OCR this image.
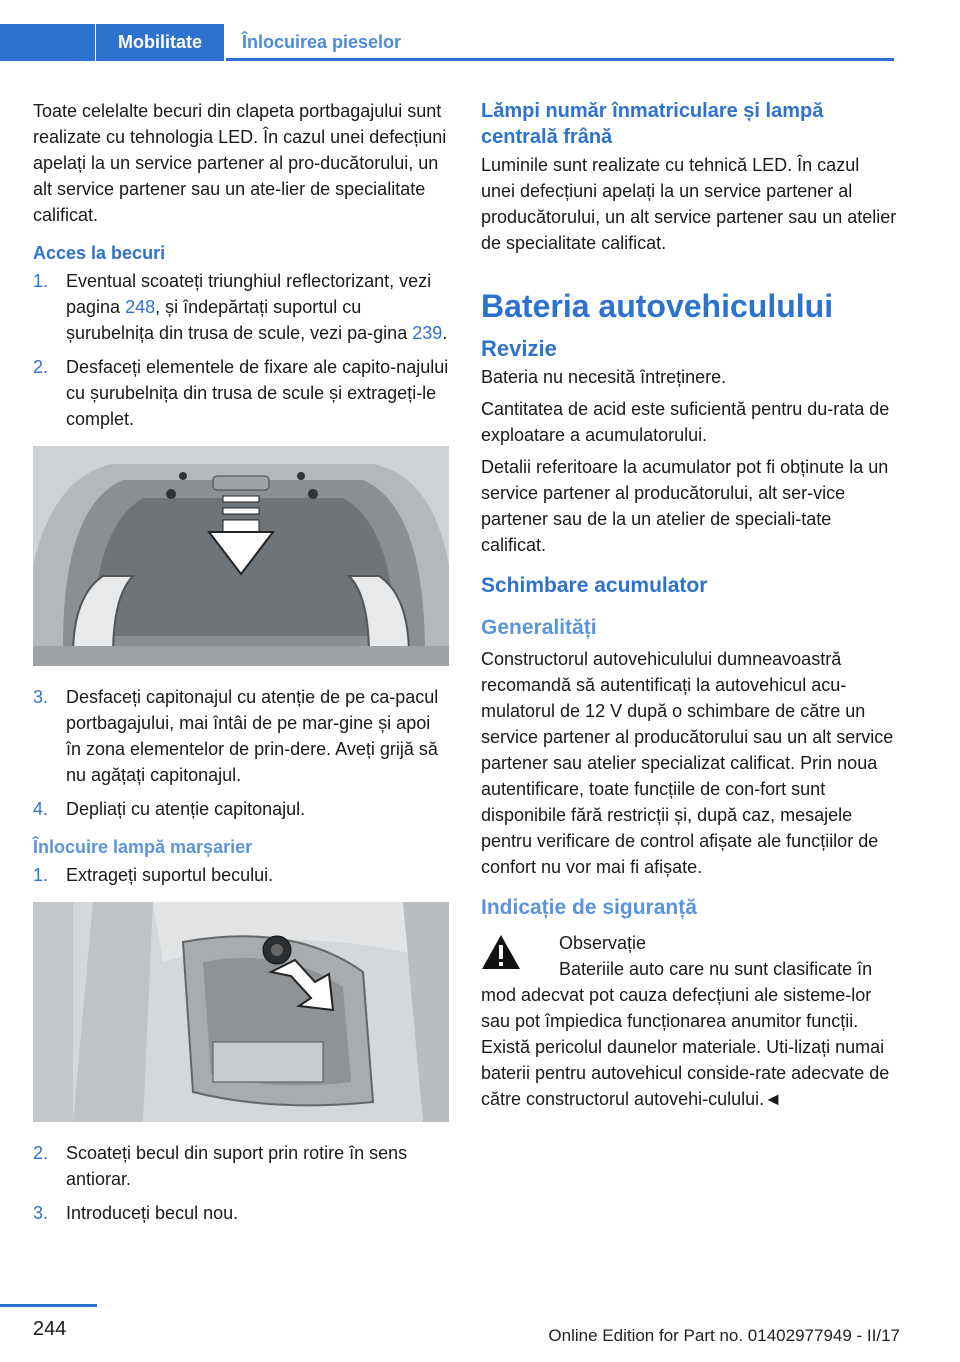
Mobilitate	Înlocuirea pieselor

Toate celelalte becuri din clapeta portbagajului sunt realizate cu tehnologia LED. În cazul unei defecțiuni apelați la un service partener al pro-ducătorului, un alt service partener sau un ate-lier de specialitate calificat.

Acces la becuri
1. Eventual scoateți triunghiul reflectorizant, vezi pagina 248, și îndepărtați suportul cu șurubelnița din trusa de scule, vezi pa-gina 239.
2. Desfaceți elementele de fixare ale capito-najului cu șurubelnița din trusa de scule și extrageți-le complet.
3. Desfaceți capitonajul cu atenție de pe ca-pacul portbagajului, mai întâi de pe mar-gine și apoi în zona elementelor de prin-dere. Aveți grijă să nu agățați capitonajul.
4. Depliați cu atenție capitonajul.
Înlocuire lampă marșarier
1. Extrageți suportul becului.
2. Scoateți becul din suport prin rotire în sens antiorar.
3. Introduceți becul nou.
Lămpi număr înmatriculare și lampă centrală frână

Luminile sunt realizate cu tehnică LED. În cazul unei defecțiuni apelați la un service partener al producătorului, un alt service partener sau un atelier de specialitate calificat.

Bateria autovehiculului
Revizie

Bateria nu necesită întreținere.

Cantitatea de acid este suficientă pentru du-rata de exploatare a acumulatorului.

Detalii referitoare la acumulator pot fi obținute la un service partener al producătorului, alt ser-vice partener sau de la un atelier de speciali-tate calificat.

Schimbare acumulator
Generalități

Constructorul autovehiculului dumneavoastră recomandă să autentificați la autovehicul acu-mulatorul de 12 V după o schimbare de către un service partener al producătorului sau un alt service partener sau atelier specializat calificat. Prin noua autentificare, toate funcțiile de con-fort sunt disponibile fără restricții și, după caz, mesajele pentru verificare de control afișate ale funcțiilor de confort nu vor mai fi afișate.

Indicație de siguranță
Observație
Bateriile auto care nu sunt clasificate în

mod adecvat pot cauza defecțiuni ale sisteme-lor sau pot împiedica funcționarea anumitor funcții. Există pericolul daunelor materiale. Uti-lizați numai baterii pentru autovehicul conside-rate adecvate de către constructorul autovehi-culului.◄

244	Online Edition for Part no. 01402977949 - II/17
